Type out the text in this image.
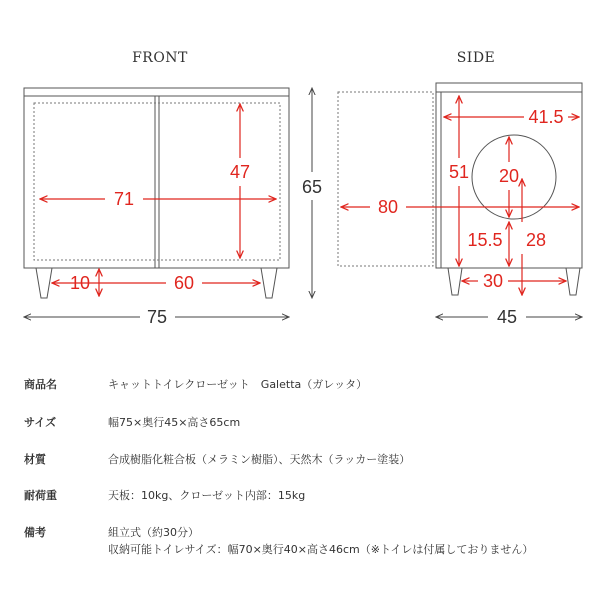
FRONT
71
47
10	60
65
75
SIDE
41.5
51 20
80
15.5 28
30
45
商品名	キャットトイレクローゼット　Galetta（ガレッタ）
サイズ	幅75×奥行45×高さ65cm
材質	合成樹脂化粧合板（メラミン樹脂）、天然木（ラッカー塗装）
耐荷重	天板：10kg、クローゼット内部：15kg
備考	組立式（約30分）
収納可能トイレサイズ：幅70×奥行40×高さ46cm（※トイレは付属しておりません）
